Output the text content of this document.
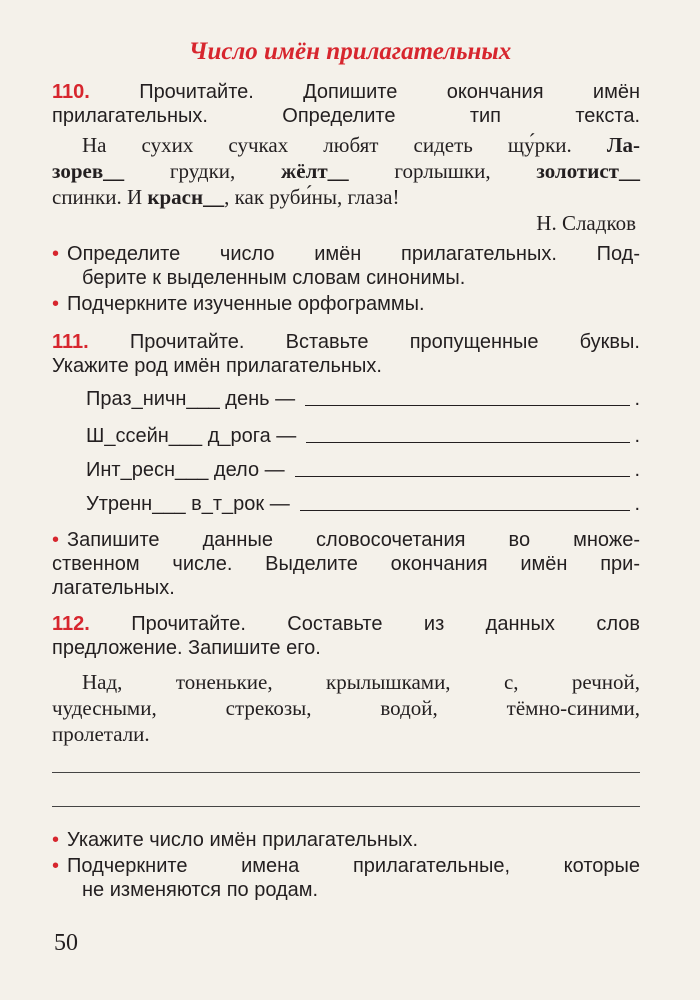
Число имён прилагательных
110. Прочитайте. Допишите окончания имён
прилагательных. Определите тип текста.
На сухих сучках любят сидеть щу́рки. Ла-
зорев__ грудки, жёлт__ горлышки, золотист__
спинки. И красн__, как руби́ны, глаза!
Н. Сладков
• Определите число имён прилагательных. Под-
берите к выделенным словам синонимы.
• Подчеркните изученные орфограммы.
111. Прочитайте. Вставьте пропущенные буквы.
Укажите род имён прилагательных.
Праз_ничн___ день —	.
Ш_ссейн___ д_рога —	.
Инт_ресн___ дело —	.
Утренн___ в_т_рок —	.
• Запишите данные словосочетания во множе-
ственном числе. Выделите окончания имён при-
лагательных.
112. Прочитайте. Составьте из данных слов
предложение. Запишите его.
Над, тоненькие, крылышками, с, речной,
чудесными, стрекозы, водой, тёмно-синими,
пролетали.
• Укажите число имён прилагательных.
• Подчеркните имена прилагательные, которые
не изменяются по родам.
50
